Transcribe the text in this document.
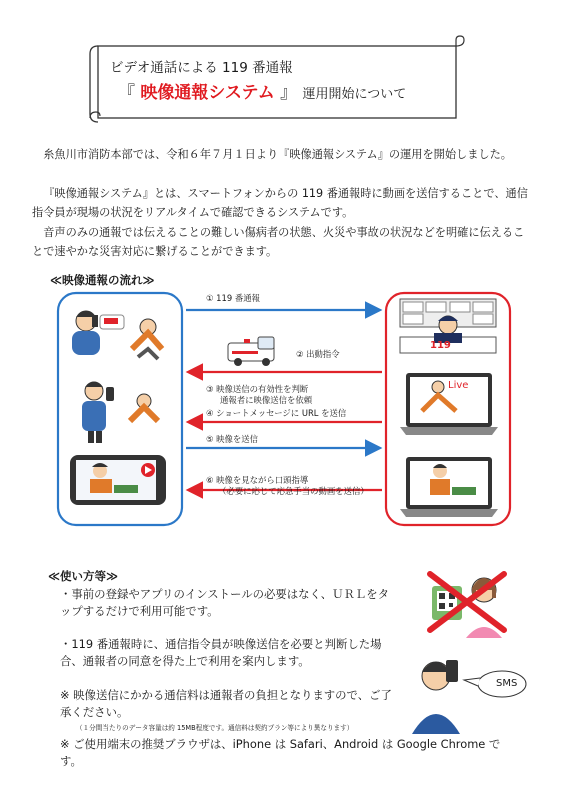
ビデオ通話による 119 番通報
『 映像通報システム 』 運用開始について
糸魚川市消防本部では、令和６年７月１日より『映像通報システム』の運用を開始しました。
『映像通報システム』とは、スマートフォンからの 119 番通報時に動画を送信することで、通信指令員が現場の状況をリアルタイムで確認できるシステムです。
音声のみの通報では伝えることの難しい傷病者の状態、火災や事故の状況などを明確に伝えることで速やかな災害対応に繋げることができます。
≪映像通報の流れ≫
119
Live
① 119 番通報
② 出動指令
③ 映像送信の有効性を判断
通報者に映像送信を依頼
④ ショートメッセージに URL を送信
⑤ 映像を送信
⑥ 映像を見ながら口頭指導
（必要に応じて応急手当の動画を送信）
≪使い方等≫
・事前の登録やアプリのインストールの必要はなく、ＵＲＬをタップするだけで利用可能です。
・119 番通報時に、通信指令員が映像送信を必要と判断した場合、通報者の同意を得た上で利用を案内します。
※ 映像送信にかかる通信料は通報者の負担となりますので、ご了承ください。
（１分間当たりのデータ容量は約 15MB程度です。通信料は契約プラン等により異なります）
※ ご使用端末の推奨ブラウザは、iPhone は Safari、Android は Google Chrome です。
SMS
